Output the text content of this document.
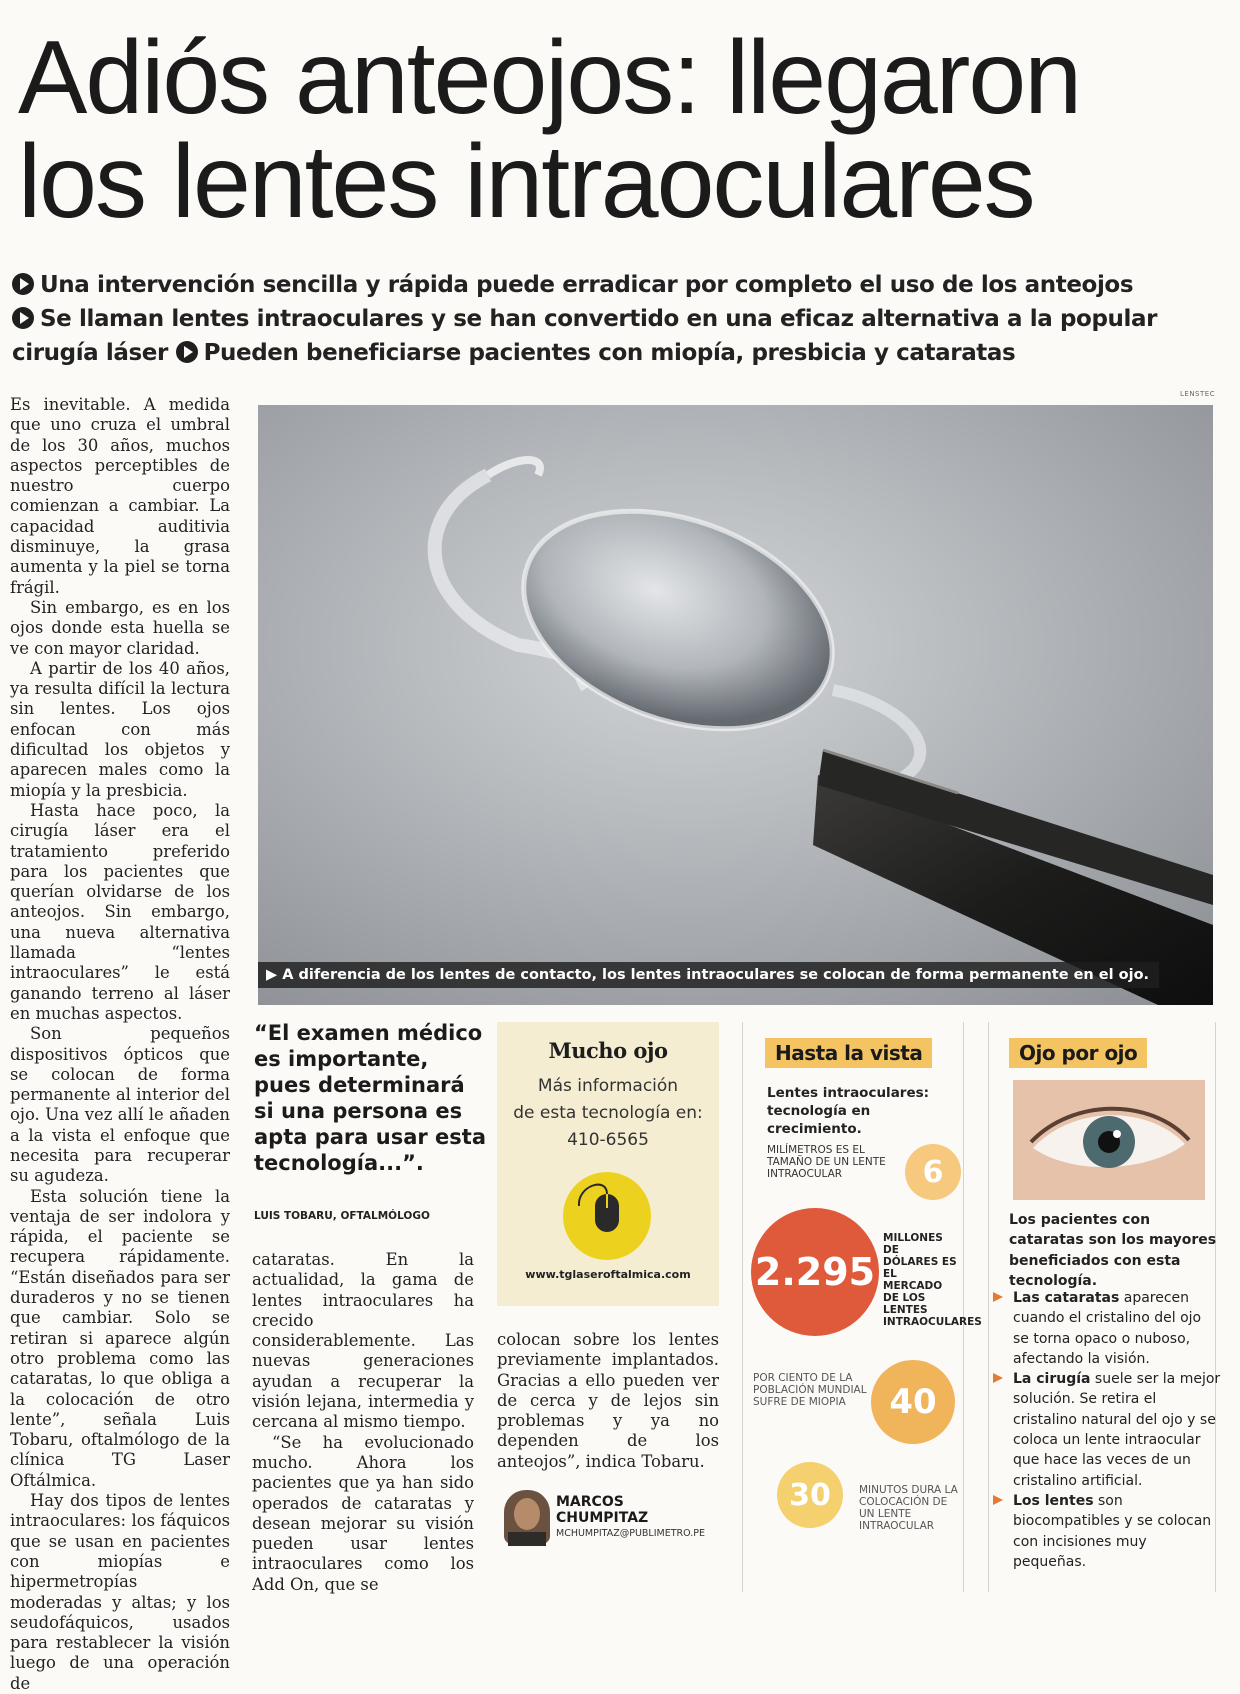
Adiós anteojos: llegaron
los lentes intraoculares
Una intervención sencilla y rápida puede erradicar por completo el uso de los anteojos
Se llaman lentes intraoculares y se han convertido en una eficaz alternativa a la popular
cirugía láser Pueden beneficiarse pacientes con miopía, presbicia y cataratas

Es inevitable. A medida que uno cruza el umbral de los 30 años, muchos aspectos perceptibles de nuestro cuerpo comienzan a cambiar. La capacidad auditivia disminuye, la grasa aumenta y la piel se torna frágil.

Sin embargo, es en los ojos donde esta huella se ve con mayor claridad.

A partir de los 40 años, ya resulta difícil la lectura sin lentes. Los ojos enfocan con más dificultad los objetos y aparecen males como la miopía y la presbicia.

Hasta hace poco, la cirugía láser era el tratamiento preferido para los pacientes que querían olvidarse de los anteojos. Sin embargo, una nueva alternativa llamada “lentes intraoculares” le está ganando terreno al láser en muchas aspectos.

Son pequeños dispositivos ópticos que se colocan de forma permanente al interior del ojo. Una vez allí le añaden a la vista el enfoque que necesita para recuperar su agudeza.

Esta solución tiene la ventaja de ser indolora y rápida, el paciente se recupera rápidamente. “Están diseñados para ser duraderos y no se tienen que cambiar. Solo se retiran si aparece algún otro problema como las cataratas, lo que obliga a la colocación de otro lente”, señala Luis Tobaru, oftalmólogo de la clínica TG Laser Oftálmica.

Hay dos tipos de lentes intraoculares: los fáquicos que se usan en pacientes con miopías e hipermetropías moderadas y altas; y los seudofáquicos, usados para restablecer la visión luego de una operación de

LENSTEC
▶ A diferencia de los lentes de contacto, los lentes intraoculares se colocan de forma permanente en el ojo.
“El examen médico es importante, pues determinará si una persona es apta para usar esta tecnología...”.
LUIS TOBARU, OFTALMÓLOGO

cataratas. En la actualidad, la gama de lentes intraoculares ha crecido considerablemente. Las nuevas generaciones ayudan a recuperar la visión lejana, intermedia y cercana al mismo tiempo.

“Se ha evolucionado mucho. Ahora los pacientes que ya han sido operados de cataratas y desean mejorar su visión pueden usar lentes intraoculares como los Add On, que se

Mucho ojo
Más información
de esta tecnología en:
410-6565
www.tglaseroftalmica.com

colocan sobre los lentes previamente implantados. Gracias a ello pueden ver de cerca y de lejos sin problemas y ya no dependen de los anteojos”, indica Tobaru.

MARCOS
CHUMPITAZ
MCHUMPITAZ@PUBLIMETRO.PE
Hasta la vista
Lentes intraoculares: tecnología en crecimiento.
MILÍMETROS ES EL TAMAÑO DE UN LENTE INTRAOCULAR	6
2.295
MILLONES DE DÓLARES ES EL MERCADO DE LOS LENTES INTRAOCULARES
POR CIENTO DE LA POBLACIÓN MUNDIAL SUFRE DE MIOPIA	40
30	MINUTOS DURA LA COLOCACIÓN DE UN LENTE INTRAOCULAR
Ojo por ojo
Los pacientes con cataratas son los mayores beneficiados con esta tecnología.
Las cataratas aparecen cuando el cristalino del ojo se torna opaco o nuboso, afectando la visión.
La cirugía suele ser la mejor solución. Se retira el cristalino natural del ojo y se coloca un lente intraocular que hace las veces de un cristalino artificial.
Los lentes son biocompatibles y se colocan con incisiones muy pequeñas.
